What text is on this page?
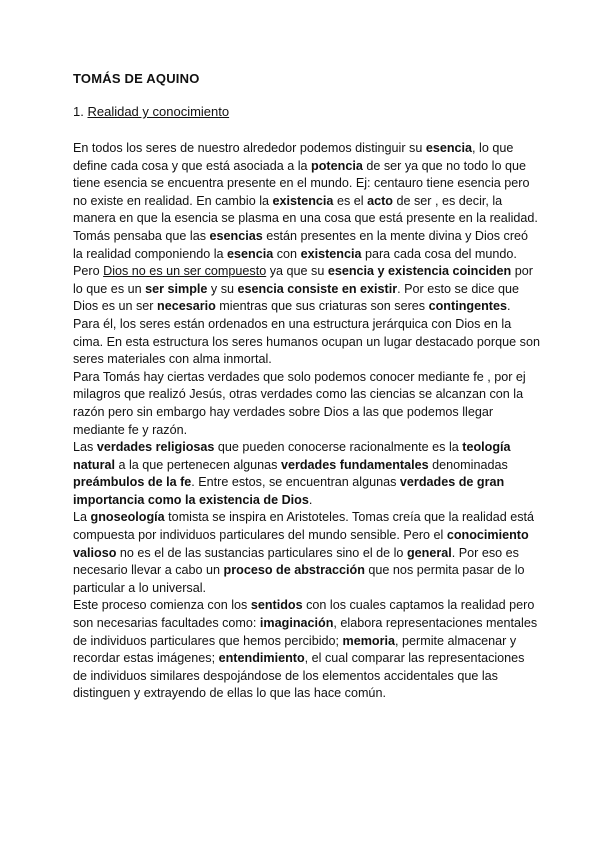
TOMÁS DE AQUINO
1. Realidad y conocimiento

En todos los seres de nuestro alrededor podemos distinguir su esencia, lo que define cada cosa y que está asociada a la potencia de ser ya que no todo lo que tiene esencia se encuentra presente en el mundo. Ej: centauro tiene esencia pero no existe en realidad. En cambio la existencia es el acto de ser , es decir, la manera en que la esencia se plasma en una cosa que está presente en la realidad. Tomás pensaba que las esencias están presentes en la mente divina y Dios creó la realidad componiendo la esencia con existencia para cada cosa del mundo.

Pero Dios no es un ser compuesto ya que su esencia y existencia coinciden por lo que es un ser simple y su esencia consiste en existir. Por esto se dice que Dios es un ser necesario mientras que sus criaturas son seres contingentes.

Para él, los seres están ordenados en una estructura jerárquica con Dios en la cima. En esta estructura los seres humanos ocupan un lugar destacado porque son seres materiales con alma inmortal.

Para Tomás hay ciertas verdades que solo podemos conocer mediante fe , por ej milagros que realizó Jesús, otras verdades como las ciencias se alcanzan con la razón pero sin embargo hay verdades sobre Dios a las que podemos llegar mediante fe y razón.

Las verdades religiosas que pueden conocerse racionalmente es la teología natural a la que pertenecen algunas verdades fundamentales denominadas preámbulos de la fe. Entre estos, se encuentran algunas verdades de gran importancia como la existencia de Dios.

La gnoseología tomista se inspira en Aristoteles. Tomas creía que la realidad está compuesta por individuos particulares del mundo sensible. Pero el conocimiento valioso no es el de las sustancias particulares sino el de lo general. Por eso es necesario llevar a cabo un proceso de abstracción que nos permita pasar de lo particular a lo universal.

Este proceso comienza con los sentidos con los cuales captamos la realidad pero son necesarias facultades como: imaginación, elabora representaciones mentales de individuos particulares que hemos percibido; memoria, permite almacenar y recordar estas imágenes; entendimiento, el cual comparar las representaciones de individuos similares despojándose de los elementos accidentales que las distinguen y extrayendo de ellas lo que las hace común.
